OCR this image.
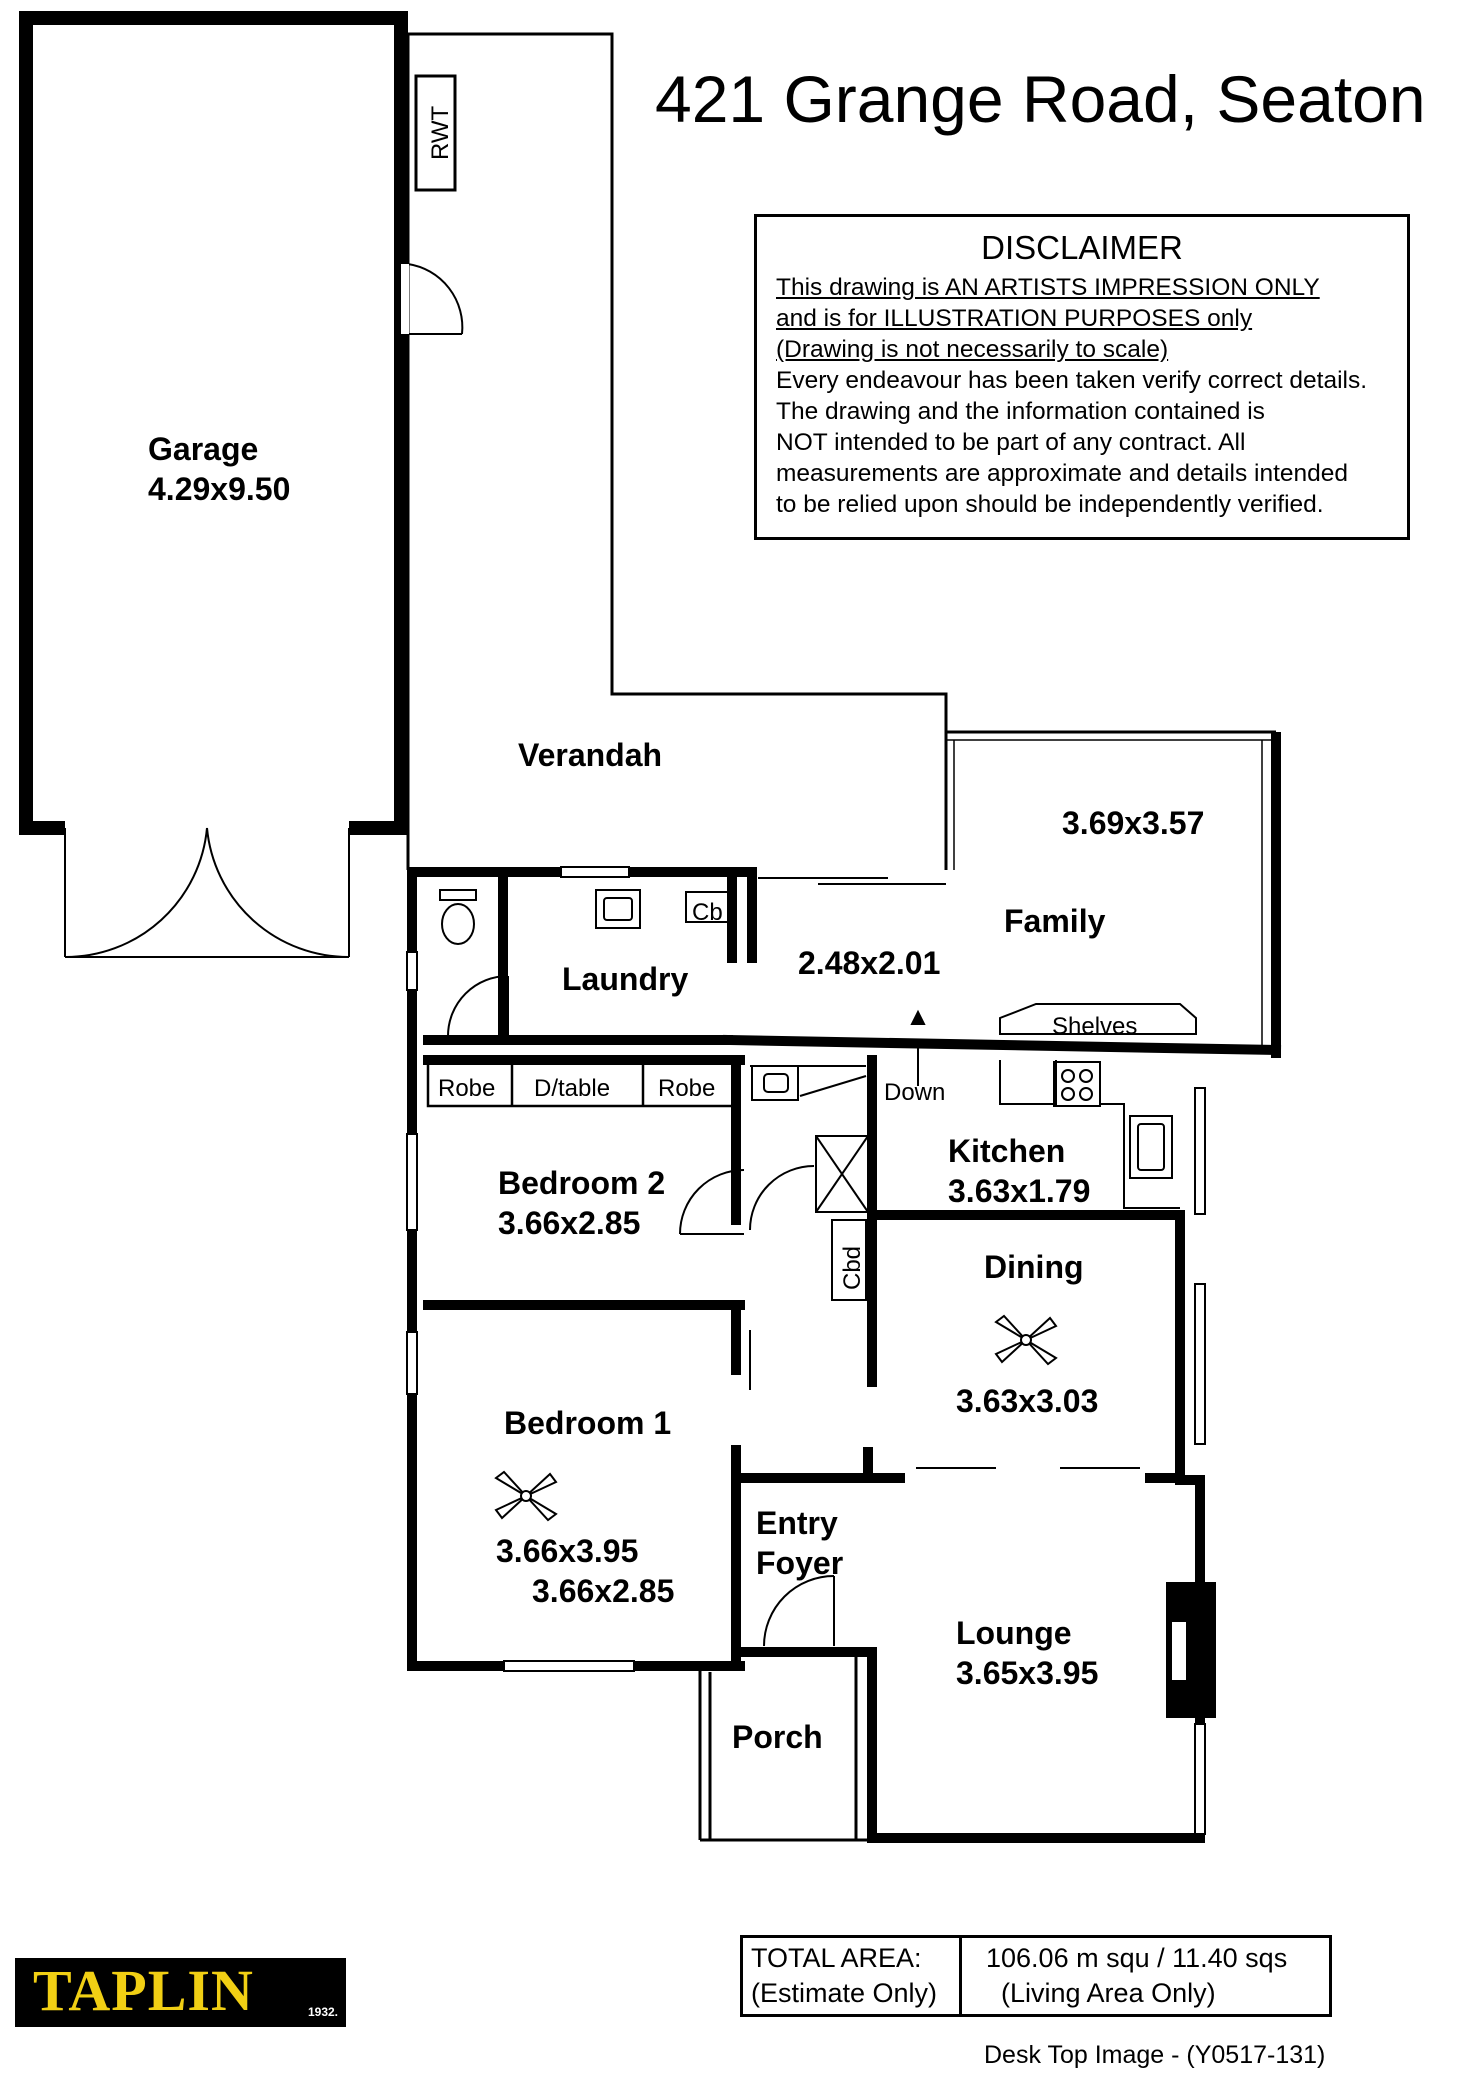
RWT
Garage
4.29x9.50
Verandah
3.69x3.57
Family
2.48x2.01
Laundry
Cb
Shelves
Down
Robe D/table Robe
Kitchen
3.63x1.79
Bedroom 2
3.66x2.85
Cbd	Dining
3.63x3.03
Bedroom 1
3.66x3.95
3.66x2.85
Entry
Foyer
Lounge
3.65x3.95
Porch
421 Grange Road, Seaton
DISCLAIMER
This drawing is AN ARTISTS IMPRESSION ONLY
and is for ILLUSTRATION PURPOSES only
(Drawing is not necessarily to scale)
Every endeavour has been taken verify correct details.
The drawing and the information contained is
NOT intended to be part of any contract. All
measurements are approximate and details intended
to be relied upon should be independently verified.
TOTAL AREA:
(Estimate Only)
106.06 m squ / 11.40 sqs
(Living Area Only)
Desk Top Image - (Y0517-131)
TAPLIN	1932.
